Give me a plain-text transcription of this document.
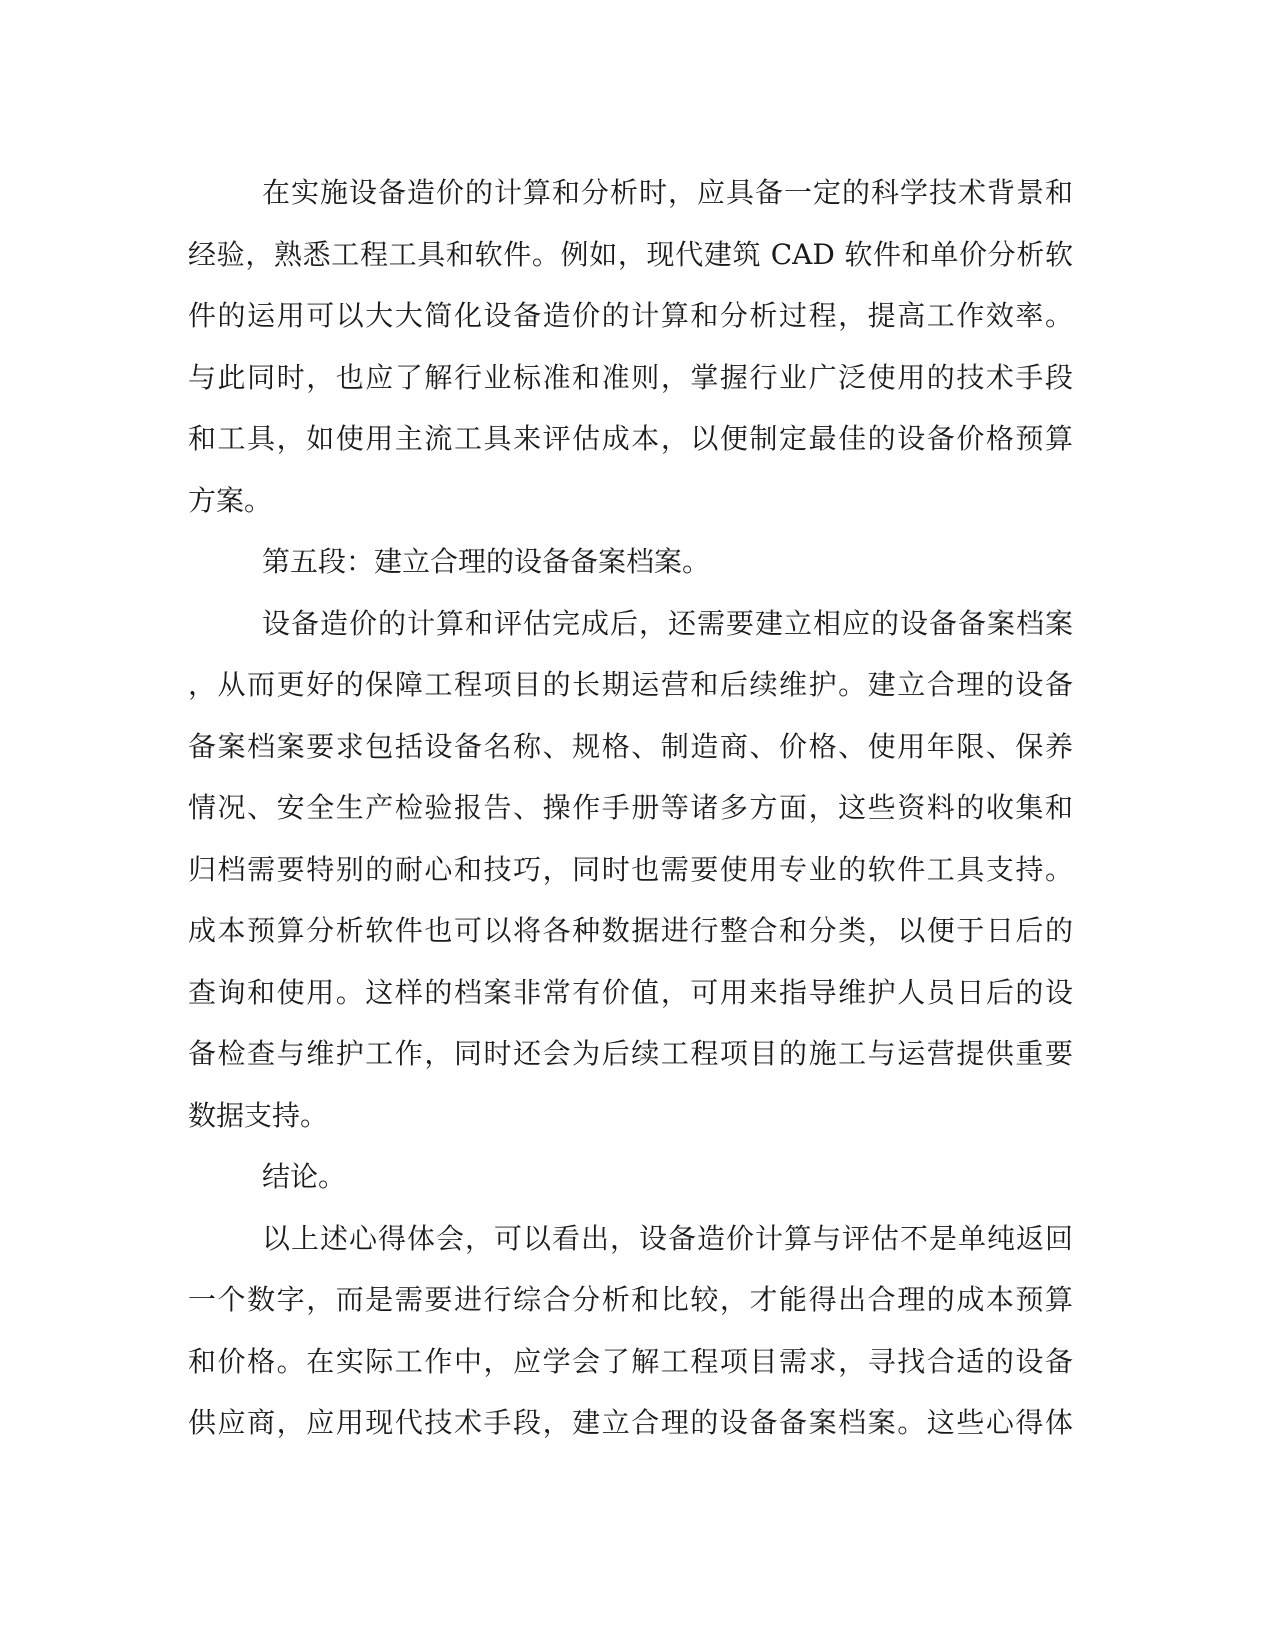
在实施设备造价的计算和分析时，应具备一定的科学技术背景和
经验，熟悉工程工具和软件。例如，现代建筑 CAD 软件和单价分析软
件的运用可以大大简化设备造价的计算和分析过程，提高工作效率。
与此同时，也应了解行业标准和准则，掌握行业广泛使用的技术手段
和工具，如使用主流工具来评估成本，以便制定最佳的设备价格预算
方案。
第五段：建立合理的设备备案档案。
设备造价的计算和评估完成后，还需要建立相应的设备备案档案
，从而更好的保障工程项目的长期运营和后续维护。建立合理的设备
备案档案要求包括设备名称、规格、制造商、价格、使用年限、保养
情况、安全生产检验报告、操作手册等诸多方面，这些资料的收集和
归档需要特别的耐心和技巧，同时也需要使用专业的软件工具支持。
成本预算分析软件也可以将各种数据进行整合和分类，以便于日后的
查询和使用。这样的档案非常有价值，可用来指导维护人员日后的设
备检查与维护工作，同时还会为后续工程项目的施工与运营提供重要
数据支持。
结论。
以上述心得体会，可以看出，设备造价计算与评估不是单纯返回
一个数字，而是需要进行综合分析和比较，才能得出合理的成本预算
和价格。在实际工作中，应学会了解工程项目需求，寻找合适的设备
供应商，应用现代技术手段，建立合理的设备备案档案。这些心得体
